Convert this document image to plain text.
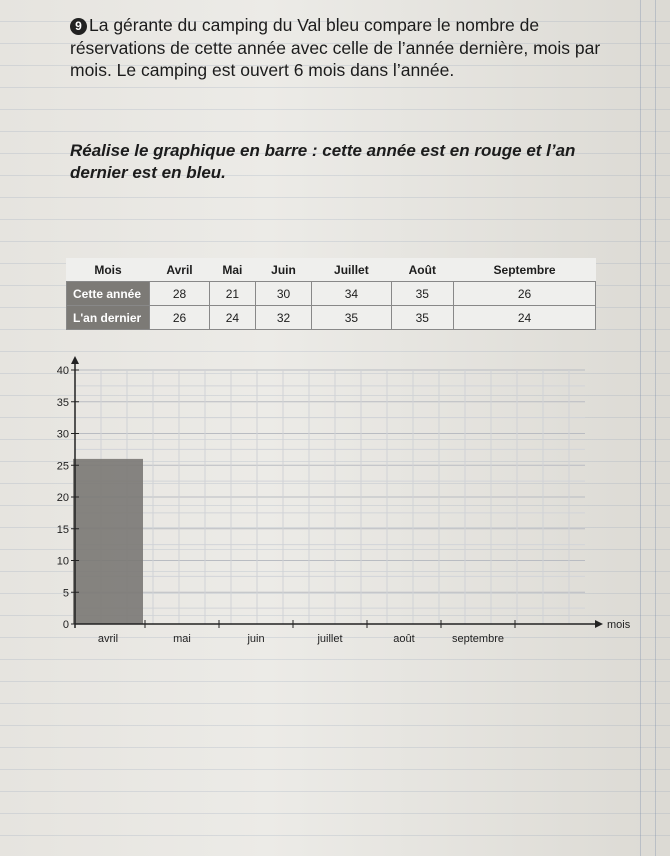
9 La gérante du camping du Val bleu compare le nombre de réservations de cette année avec celle de l’année dernière, mois par mois. Le camping est ouvert 6 mois dans l’année.
Réalise le graphique en barre : cette année est en rouge et l’an dernier est en bleu.
Mois	Avril	Mai	Juin	Juillet	Août	Septembre
Cette année	28	21	30	34	35	26
L'an dernier	26	24	32	35	35	24
0
5
10
15
20
25
30
35
40
avril	mai	juin	juillet	août	septembre
mois
